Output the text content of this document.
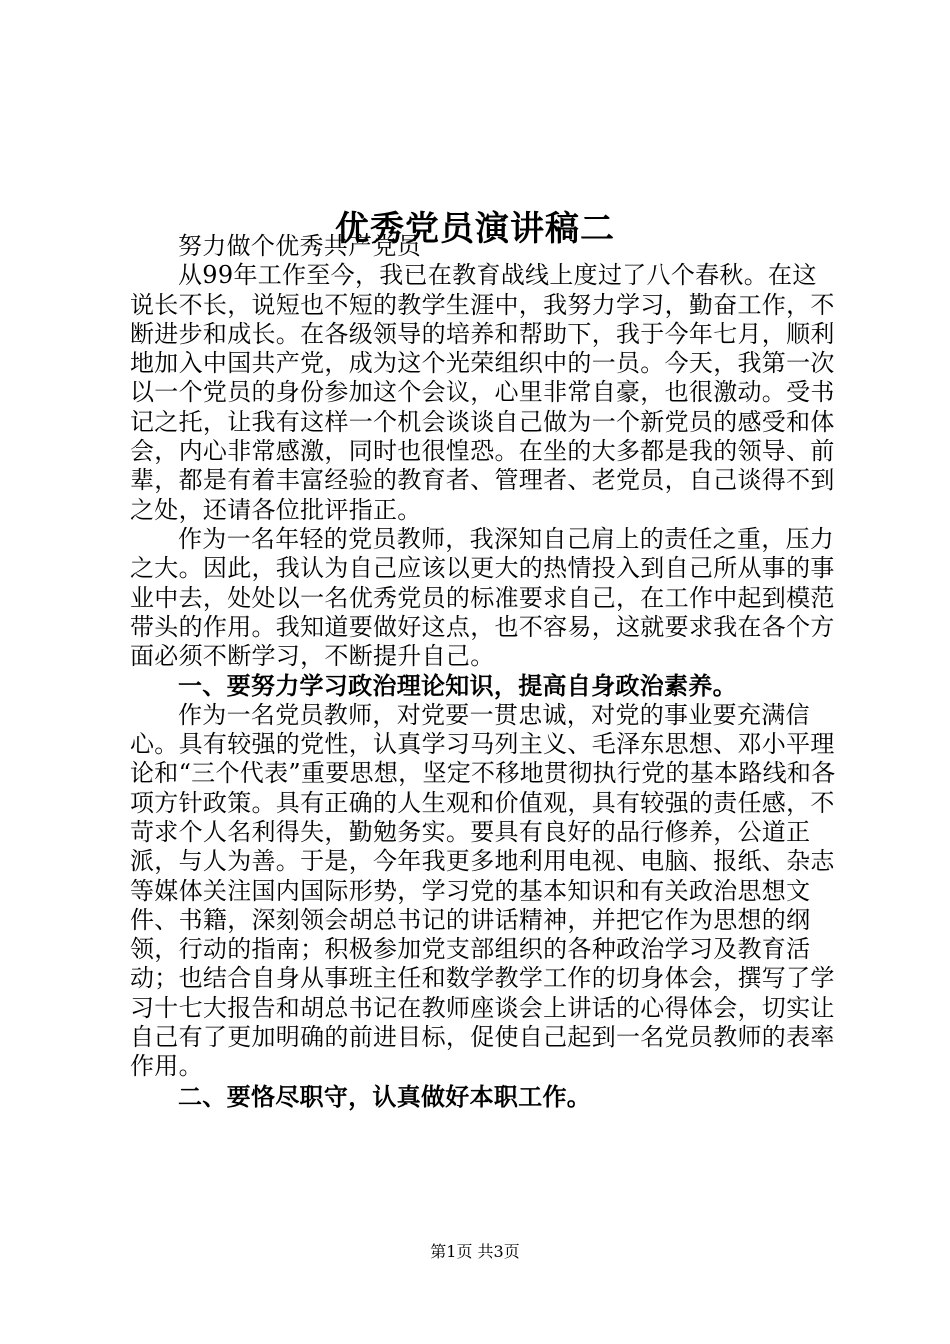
优秀党员演讲稿二

努力做个优秀共产党员

从99年工作至今，我已在教育战线上度过了八个春秋。在这说长不长，说短也不短的教学生涯中，我努力学习，勤奋工作，不断进步和成长。在各级领导的培养和帮助下，我于今年七月，顺利地加入中国共产党，成为这个光荣组织中的一员。今天，我第一次以一个党员的身份参加这个会议，心里非常自豪，也很激动。受书记之托，让我有这样一个机会谈谈自己做为一个新党员的感受和体会，内心非常感激，同时也很惶恐。在坐的大多都是我的领导、前辈，都是有着丰富经验的教育者、管理者、老党员，自己谈得不到之处，还请各位批评指正。

作为一名年轻的党员教师，我深知自己肩上的责任之重，压力之大。因此，我认为自己应该以更大的热情投入到自己所从事的事业中去，处处以一名优秀党员的标准要求自己，在工作中起到模范带头的作用。我知道要做好这点，也不容易，这就要求我在各个方面必须不断学习，不断提升自己。

一、要努力学习政治理论知识，提高自身政治素养。

作为一名党员教师，对党要一贯忠诚，对党的事业要充满信心。具有较强的党性，认真学习马列主义、毛泽东思想、邓小平理论和“三个代表”重要思想，坚定不移地贯彻执行党的基本路线和各项方针政策。具有正确的人生观和价值观，具有较强的责任感，不苛求个人名利得失，勤勉务实。要具有良好的品行修养，公道正派，与人为善。于是，今年我更多地利用电视、电脑、报纸、杂志等媒体关注国内国际形势，学习党的基本知识和有关政治思想文件、书籍，深刻领会胡总书记的讲话精神，并把它作为思想的纲领，行动的指南；积极参加党支部组织的各种政治学习及教育活动；也结合自身从事班主任和数学教学工作的切身体会，撰写了学习十七大报告和胡总书记在教师座谈会上讲话的心得体会，切实让自己有了更加明确的前进目标，促使自己起到一名党员教师的表率作用。

二、要恪尽职守，认真做好本职工作。

第1页 共3页
